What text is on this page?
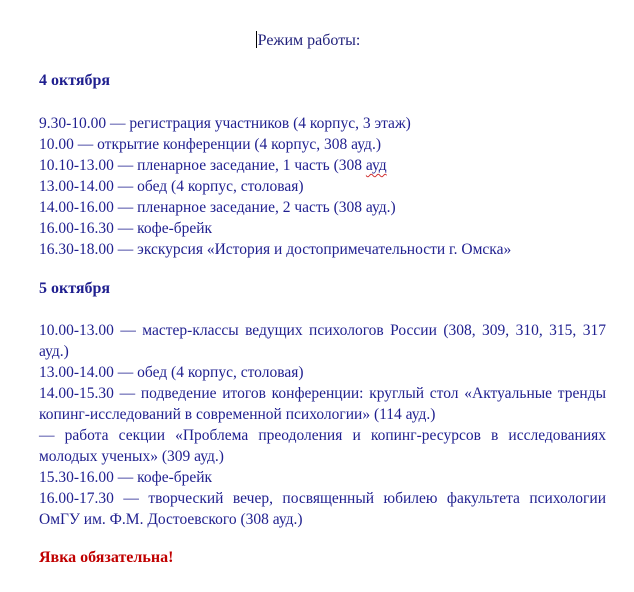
Режим работы:
4 октября
9.30-10.00 — регистрация участников (4 корпус, 3 этаж)
10.00 — открытие конференции (4 корпус, 308 ауд.)
10.10-13.00 — пленарное заседание, 1 часть (308 ауд
13.00-14.00 — обед (4 корпус, столовая)
14.00-16.00 — пленарное заседание, 2 часть (308 ауд.)
16.00-16.30 — кофе-брейк
16.30-18.00 — экскурсия «История и достопримечательности г. Омска»
5 октября
10.00-13.00 — мастер-классы ведущих психологов России (308, 309, 310, 315, 317 ауд.)
13.00-14.00 — обед (4 корпус, столовая)
14.00-15.30 — подведение итогов конференции: круглый стол «Актуальные тренды копинг-исследований в современной психологии» (114 ауд.)
— работа секции «Проблема преодоления и копинг-ресурсов в исследованиях молодых ученых» (309 ауд.)
15.30-16.00 — кофе-брейк
16.00-17.30 — творческий вечер, посвященный юбилею факультета психологии ОмГУ им. Ф.М. Достоевского (308 ауд.)
Явка обязательна!
